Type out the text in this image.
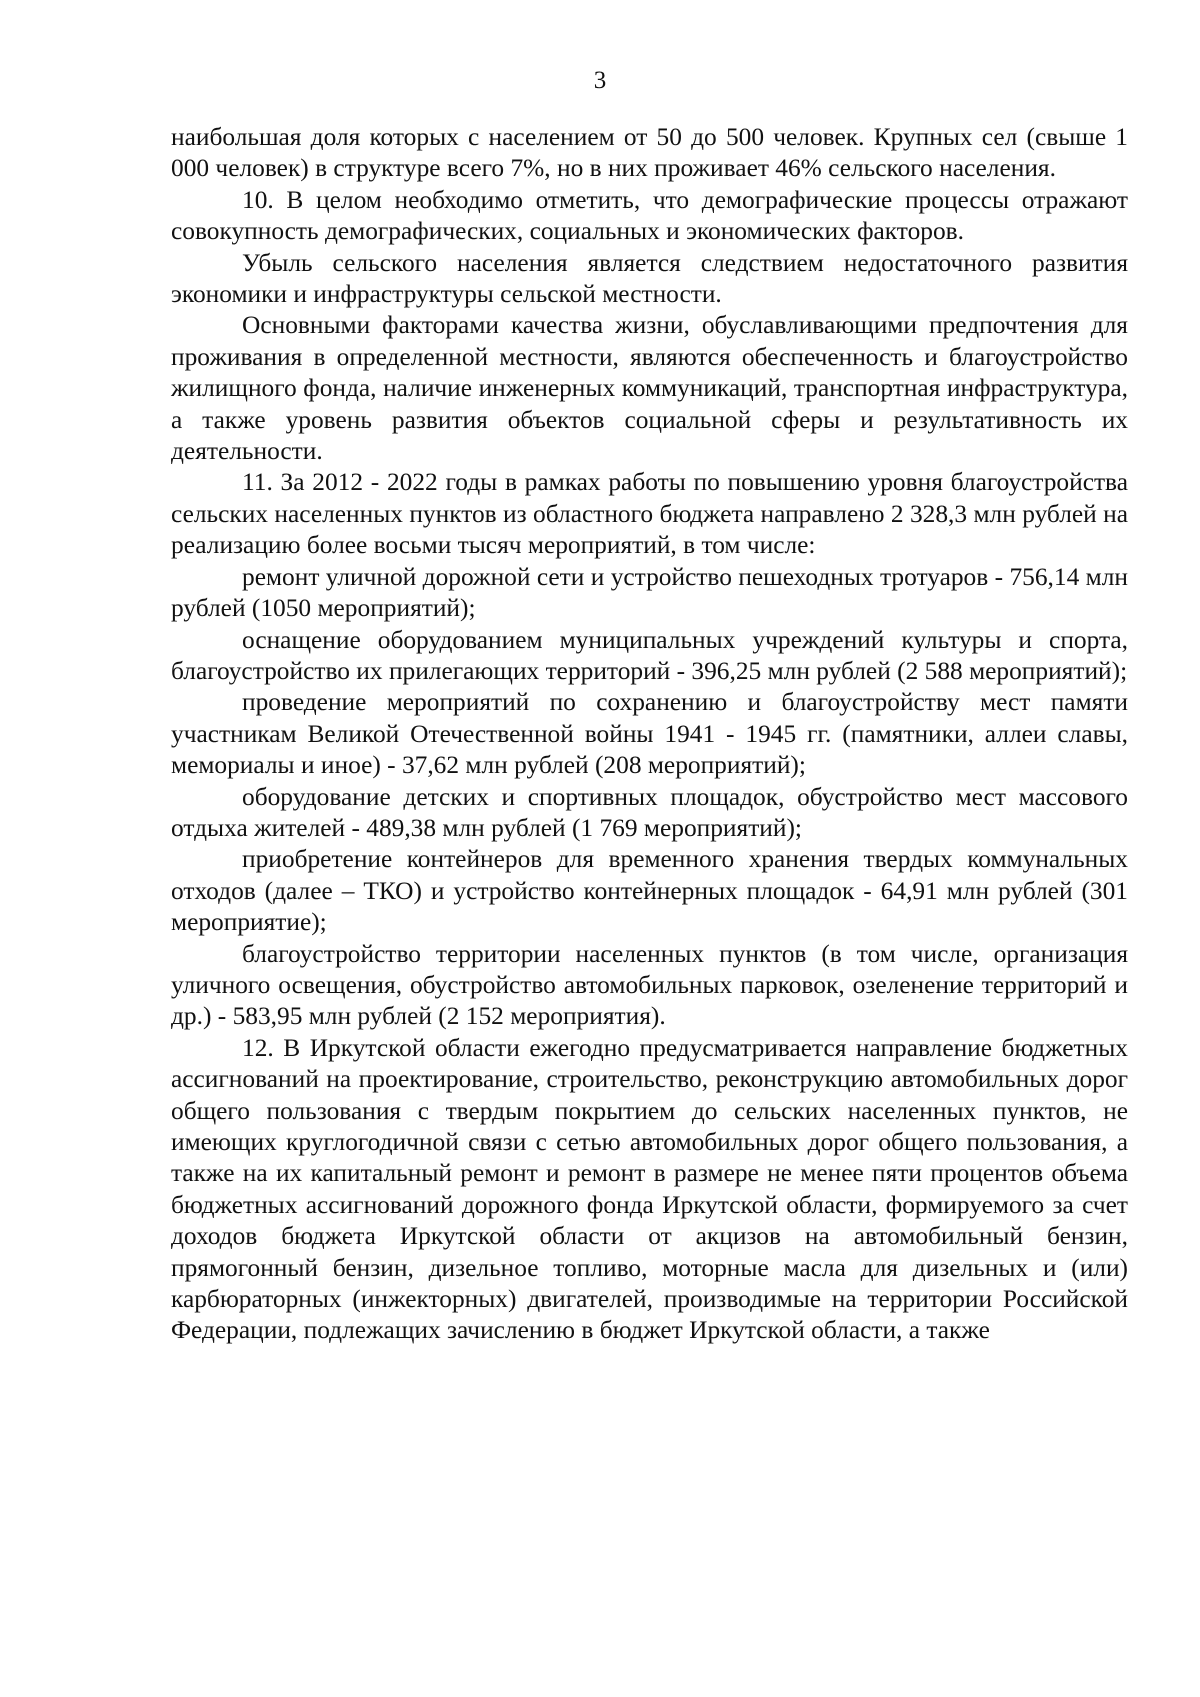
3

наибольшая доля которых с населением от 50 до 500 человек. Крупных сел (свыше 1 000 человек) в структуре всего 7%, но в них проживает 46% сельского населения.

10. В целом необходимо отметить, что демографические процессы отражают совокупность демографических, социальных и экономических факторов.

Убыль сельского населения является следствием недостаточного развития экономики и инфраструктуры сельской местности.

Основными факторами качества жизни, обуславливающими предпочтения для проживания в определенной местности, являются обеспеченность и благоустройство жилищного фонда, наличие инженерных коммуникаций, транспортная инфраструктура, а также уровень развития объектов социальной сферы и результативность их деятельности.

11. За 2012 - 2022 годы в рамках работы по повышению уровня благоустройства сельских населенных пунктов из областного бюджета направлено 2 328,3 млн рублей на реализацию более восьми тысяч мероприятий, в том числе:

ремонт уличной дорожной сети и устройство пешеходных тротуаров - 756,14 млн рублей (1050 мероприятий);

оснащение оборудованием муниципальных учреждений культуры и спорта, благоустройство их прилегающих территорий - 396,25 млн рублей (2 588 мероприятий);

проведение мероприятий по сохранению и благоустройству мест памяти участникам Великой Отечественной войны 1941 - 1945 гг. (памятники, аллеи славы, мемориалы и иное) - 37,62 млн рублей (208 мероприятий);

оборудование детских и спортивных площадок, обустройство мест массового отдыха жителей - 489,38 млн рублей (1 769 мероприятий);

приобретение контейнеров для временного хранения твердых коммунальных отходов (далее – ТКО) и устройство контейнерных площадок - 64,91 млн рублей (301 мероприятие);

благоустройство территории населенных пунктов (в том числе, организация уличного освещения, обустройство автомобильных парковок, озеленение территорий и др.) - 583,95 млн рублей (2 152 мероприятия).

12. В Иркутской области ежегодно предусматривается направление бюджетных ассигнований на проектирование, строительство, реконструкцию автомобильных дорог общего пользования с твердым покрытием до сельских населенных пунктов, не имеющих круглогодичной связи с сетью автомобильных дорог общего пользования, а также на их капитальный ремонт и ремонт в размере не менее пяти процентов объема бюджетных ассигнований дорожного фонда Иркутской области, формируемого за счет доходов бюджета Иркутской области от акцизов на автомобильный бензин, прямогонный бензин, дизельное топливо, моторные масла для дизельных и (или) карбюраторных (инжекторных) двигателей, производимые на территории Российской Федерации, подлежащих зачислению в бюджет Иркутской области, а также
